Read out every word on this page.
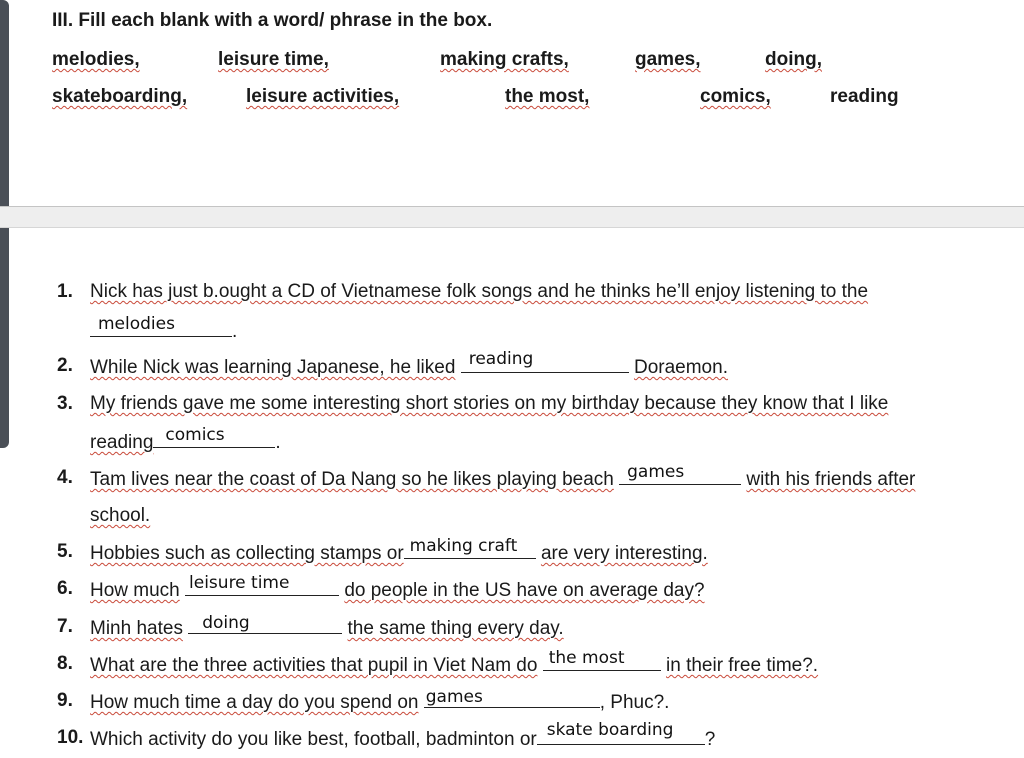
III. Fill each blank with a word/ phrase in the box.
melodies,	leisure time,	making crafts,	games,	doing,
skateboarding,	leisure activities,	the most,	comics,	reading
1. Nick has just b.ought a CD of Vietnamese folk songs and he thinks he’ll enjoy listening to the
melodies	.
2. While Nick was learning Japanese, he liked reading	Doraemon.
3. My friends gave me some interesting short stories on my birthday because they know that I like
reading comics	.
4. Tam lives near the coast of Da Nang so he likes playing beach games	with his friends after
school.
5. Hobbies such as collecting stamps or making craft are very interesting.
6. How much leisure time	do people in the US have on average day?
7. Minh hates doing	the same thing every day.
8. What are the three activities that pupil in Viet Nam do the most in their free time?.
9. How much time a day do you spend on games	, Phuc?.
10. Which activity do you like best, football, badminton or skate boarding ?
